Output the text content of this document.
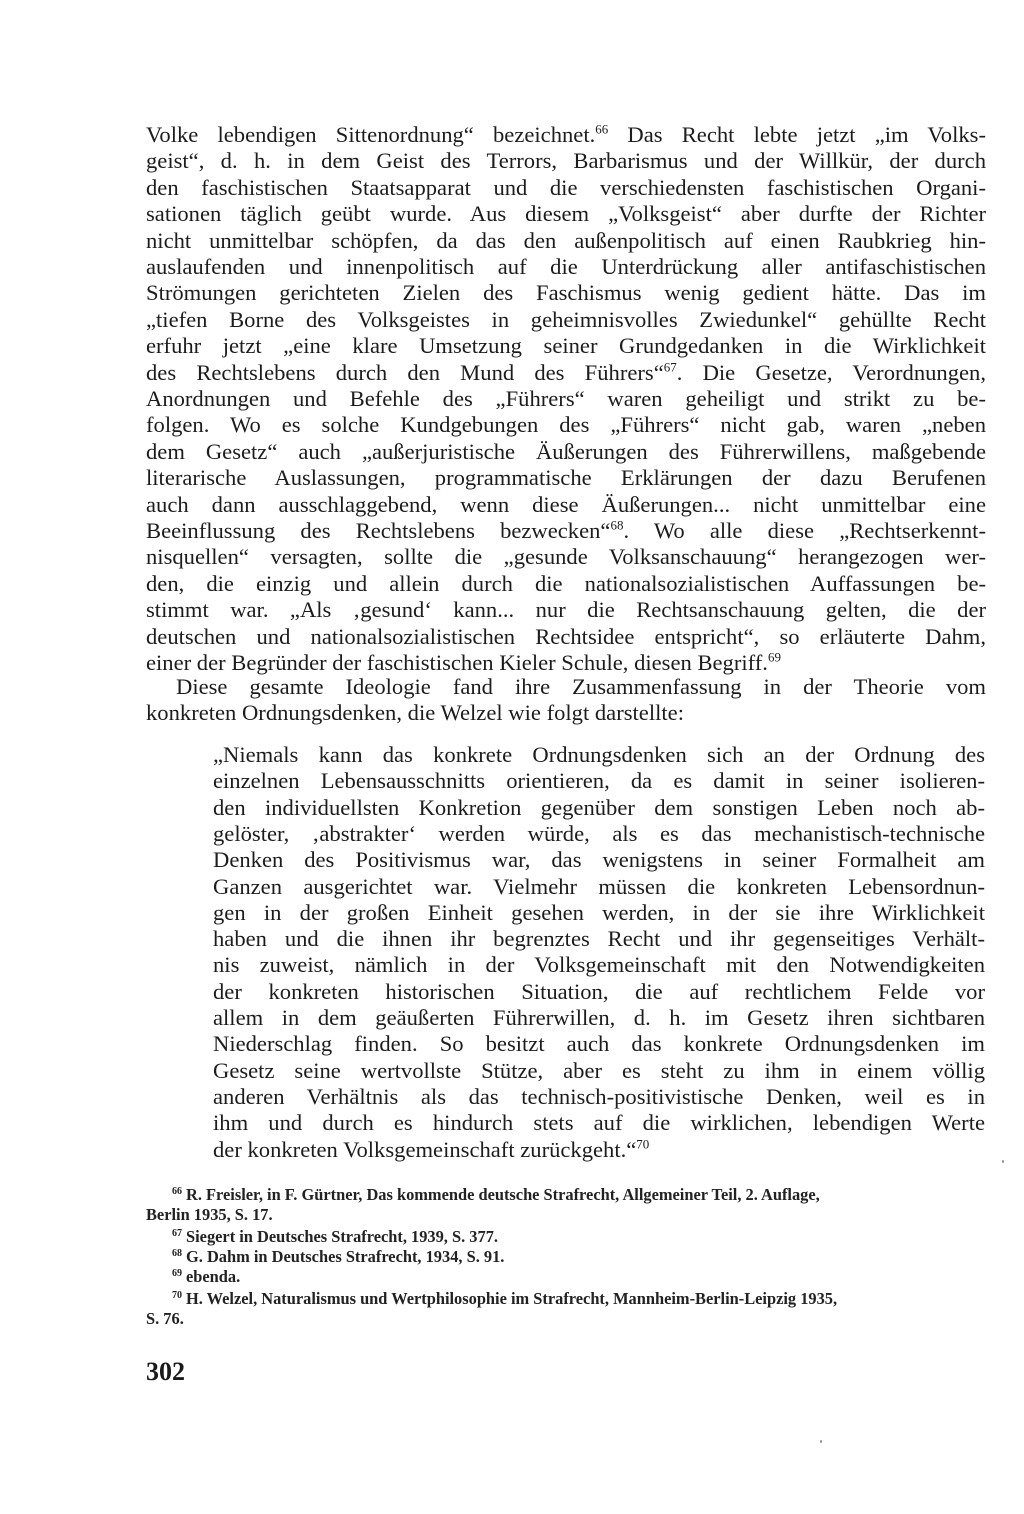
Volke lebendigen Sittenordnung“ bezeichnet.$^{66}$ Das Recht lebte jetzt „im Volks-
geist“, d. h. in dem Geist des Terrors, Barbarismus und der Willkür, der durch
den faschistischen Staatsapparat und die verschiedensten faschistischen Organi-
sationen täglich geübt wurde. Aus diesem „Volksgeist“ aber durfte der Richter
nicht unmittelbar schöpfen, da das den außenpolitisch auf einen Raubkrieg hin-
auslaufenden und innenpolitisch auf die Unterdrückung aller antifaschistischen
Strömungen gerichteten Zielen des Faschismus wenig gedient hätte. Das im
„tiefen Borne des Volksgeistes in geheimnisvolles Zwiedunkel“ gehüllte Recht
erfuhr jetzt „eine klare Umsetzung seiner Grundgedanken in die Wirklichkeit
des Rechtslebens durch den Mund des Führers“$^{67}$. Die Gesetze, Verordnungen,
Anordnungen und Befehle des „Führers“ waren geheiligt und strikt zu be-
folgen. Wo es solche Kundgebungen des „Führers“ nicht gab, waren „neben
dem Gesetz“ auch „außerjuristische Äußerungen des Führerwillens, maßgebende
literarische Auslassungen, programmatische Erklärungen der dazu Berufenen
auch dann ausschlaggebend, wenn diese Äußerungen... nicht unmittelbar eine
Beeinflussung des Rechtslebens bezwecken“$^{68}$. Wo alle diese „Rechtserkennt-
nisquellen“ versagten, sollte die „gesunde Volksanschauung“ herangezogen wer-
den, die einzig und allein durch die nationalsozialistischen Auffassungen be-
stimmt war. „Als ‚gesund‘ kann... nur die Rechtsanschauung gelten, die der
deutschen und nationalsozialistischen Rechtsidee entspricht“, so erläuterte Dahm,
einer der Begründer der faschistischen Kieler Schule, diesen Begriff.$^{69}$
Diese gesamte Ideologie fand ihre Zusammenfassung in der Theorie vom
konkreten Ordnungsdenken, die Welzel wie folgt darstellte:
„Niemals kann das konkrete Ordnungsdenken sich an der Ordnung des
einzelnen Lebensausschnitts orientieren, da es damit in seiner isolieren-
den individuellsten Konkretion gegenüber dem sonstigen Leben noch ab-
gelöster, ‚abstrakter‘ werden würde, als es das mechanistisch-technische
Denken des Positivismus war, das wenigstens in seiner Formalheit am
Ganzen ausgerichtet war. Vielmehr müssen die konkreten Lebensordnun-
gen in der großen Einheit gesehen werden, in der sie ihre Wirklichkeit
haben und die ihnen ihr begrenztes Recht und ihr gegenseitiges Verhält-
nis zuweist, nämlich in der Volksgemeinschaft mit den Notwendigkeiten
der konkreten historischen Situation, die auf rechtlichem Felde vor
allem in dem geäußerten Führerwillen, d. h. im Gesetz ihren sichtbaren
Niederschlag finden. So besitzt auch das konkrete Ordnungsdenken im
Gesetz seine wertvollste Stütze, aber es steht zu ihm in einem völlig
anderen Verhältnis als das technisch-positivistische Denken, weil es in
ihm und durch es hindurch stets auf die wirklichen, lebendigen Werte
der konkreten Volksgemeinschaft zurückgeht.“$^{70}$
$^{66}$ R. Freisler, in F. Gürtner, Das kommende deutsche Strafrecht, Allgemeiner Teil, 2. Auflage,
Berlin 1935, S. 17.
$^{67}$ Siegert in Deutsches Strafrecht, 1939, S. 377.
$^{68}$ G. Dahm in Deutsches Strafrecht, 1934, S. 91.
$^{69}$ ebenda.
$^{70}$ H. Welzel, Naturalismus und Wertphilosophie im Strafrecht, Mannheim-Berlin-Leipzig 1935,
S. 76.
302
